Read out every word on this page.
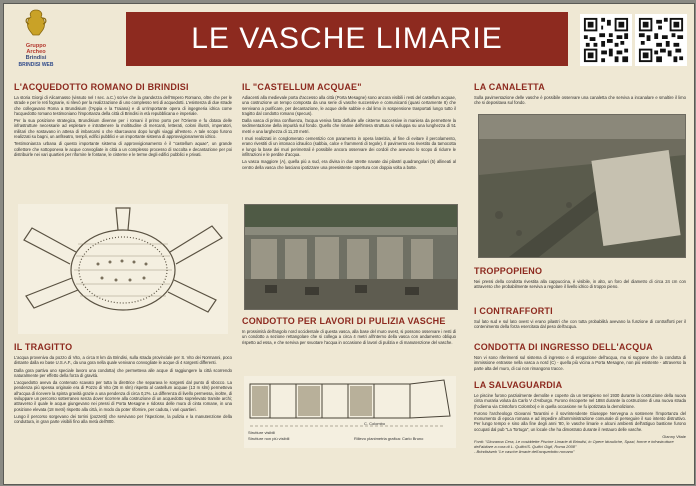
Gruppo
Archeo
Brindisi
BRINDISI WEB
LE VASCHE LIMARIE
L'ACQUEDOTTO ROMANO DI BRINDISI

La storia Giorgi di Alicarnasso (vissuto nel I sec. a.C.) scrive che la grandezza dell'Impero Romano, oltre che per le strade e per le reti fognarie, si rilevò per la realizzazione di uno complesso reti di acquedotti. L'esistenza di due strade che collegavano Roma a Brundisium (l'Appia e la Traiana) e di un'importante opera di ingegneria idrica come l'acquedotto romano testimoniano l'importanza della città di Brindisi in età repubblicana e imperiale.

Per la sua posizione strategica, Brundisium divenne per i romani il primo porto per l'Oriente e fu dotata delle infrastrutture necessarie ad espletare e intrattenere la moltitudine di mercanti, letterati, coloni illustri, imperatori, militari che sostavano in attesa di imbarcarsi o che sbarcavano dopo lunghi viaggi all'estero. A tale scopo furono realizzati su bagni, un anfiteatro, templi, edifici pubblici e un importante sistema di approvvigionamento idrico.

Testimonianza urbana di questo importante sistema di approvvigionamento è il "castellum aquae", un grande collettore che sottoponeva le acque convogliate in città a un complesso processo di raccolta e decantazione per poi distribuirle nei vari quartieri per rifornire le fontane, le cisterne e le terme degli edifici pubblici e privati.

IL TRAGITTO

L'acqua proveniva da pozzo di Vito, a circa 8 km da Brindisi, sulla strada provinciale per S. Vito dei Normanni, poco distante dalla ex base U.S.A.F., da una gora nella quale venivano convogliate le acque di 4 sorgenti differenti.

Dalla gora partiva uno speciale lavoro una condotta) che permetteva alle acque di raggiungere la città scorrendo naturalmente per effetto della forza di gravità.

L'acquedotto aveva da contenuto scavato per tutta la direttrice che separava le sorgenti dal punto di sbocco. La pendenza più spessa originale era di Pozzo di Vito (26 m slm) rispetto al castellum acquae (13 m slm) permetteva all'acqua di ricevere la spinta gravità grazie a una pendenza di circa 0,2%. La differenza di livello permessa, inoltre, di sviluppare un percorso sotterraneo senza dover ricorrere alla costruzione di un acquedotto soprelevato tramite archi; attraverso il quale le acque giungevano nei pressi di Porta Mesagne e ridosso delle mura di cinta romane, in una posizione elevata (18 metri) rispetto alla città, in modo da poter rifornire, per caduta, i vari quartieri.

Lungo il percorso sorgevano dei torrini (pozzetti) che servivano per l'ispezione, la pulizia e la manutenzione della conduttura, in gran parte visibili fino alla metà dell'800.

IL "CASTELLUM ACQUAE"

Adiacenti alla medievale porta d'accesso alla città (Porta Mesagne) sono ancora visibili i resti del castellum acquae, una costruzione un tempo composta da una serie di vasche successive e comunicanti (quasi certamente 8) che servivano a purificare, per decantazione, le acque delle sabbie e dal limo in sospensione trasportati lungo tutto il tragitto dal condotto romano (specus).

Dalla vasca di prima confluenza, l'acqua veniva fatta defluire alle cisterne successive in maniera da permettere la sedimentazione della impurità sul fondo. Quello che rimane dell'intera struttura si sviluppa su una lunghezza di 51 metri e una larghezza di 11,20 metri.

I muri realizzati in conglomerato cementizio con paramento in opera laterizia, al fine di evitare il percolamento, erano rivestiti di un intonaco idraulico (sabbia, calce e frammenti di tegole). Il pavimento era rivestito da tamocotta e lungo la base dei muri perimetrali è possibile ancora osservare dei cordoli che avevano lo scopo di ridurre le infiltrazioni e le perdite d'acqua.

La vasca maggiore (A), quella più a sud, era divisa in due strette navate dai pilastri quadrangolari (5) allineati al centro della vasca che lasciano ipotizzare una preesistente copertura con doppia volta a botte.

CONDOTTO PER LAVORI DI PULIZIA VASCHE

In prossimità dell'angolo nord occidentale di questa vasca, alla base del muro ovest, si possono osservare i resti di un condotto a sezione rettangolare che si collega a circa 4 metri all'interno della vasca con andamento obliquo rispetto ad essa, e che serviva per svuotare l'acqua in occasione di lavori di pulizia e di manutenzione del vasche.

C. Colombo
Strutture visibili
Strutture non più visibili	Rilievo planimetria grafica: Carlo Bruno
LA CANALETTA

Sulla pavimentazione delle vasche è possibile osservare una canaletta che serviva a incanalare e smaltire il limo che si depositava sul fondo.

TROPPOPIENO

Nei pressi della condotta rivestita alla cappuccina, è visibile, in alto, un foro del diametro di circa 24 cm con attraverso che probabilmente serviva a regolare il livello idrico di troppo pieno.

I CONTRAFFORTI

Sul lato sud e sul lato ovest vi erano pilastri che con tutta probabilità avevano la funzione di contrafforti per il contenimento della forza esercitata dal peso dell'acqua.

CONDOTTA DI INGRESSO DELL'ACQUA

Non vi sono riferimenti sul sistema di ingresso e di erogazione dell'acqua, ma si suppone che la condotta di immissione entrasse nella vasca a nord (C) - quella più vicina a Porta Mesagne, non più esistente - attraverso la parte alta del muro, di cui non rimangono tracce.

LA SALVAGUARDIA

Le piscine furono parzialmente demolite e coperte da un terrapieno nel 1930 durante la costruzione della nuova cinta muraria voluta da Carlo V d'Asburgo. Furono riscoperte nel 1884 durante la costruzione di una nuova strada (l'odierna via Cristoforo Colombo) e in quella occasione ne fu ipotizzata la demolizione.

Furono l'archeologo Giovanni Tarantini e il sovrintendente Giuseppe Nervegna a sostenere l'importanza del monumento di epoca romana e ad impedire all'amministrazione comunale di perseguire il suo intento distruttivo. Per lungo tempo e sino alla fine degli anni '80, le vasche limarie e alcuni ambienti dell'attiguo bastione furono occupati dal pub "La Tortuga", un locale che ha dimostrato durante il restauro delle vasche.

Gianny Vitale
Fonti: "Giovanna Cera, Le cosiddette Piscine Limarie di Brindisi, in Opere Idrauliche, Spazi, forme e infrastrutture dell'abitare a cura di L. Quilici/S. Quilici Gigli, Roma 2008"
- Brindisiweb "Le vasche limarie dell'acquedotto romano"
